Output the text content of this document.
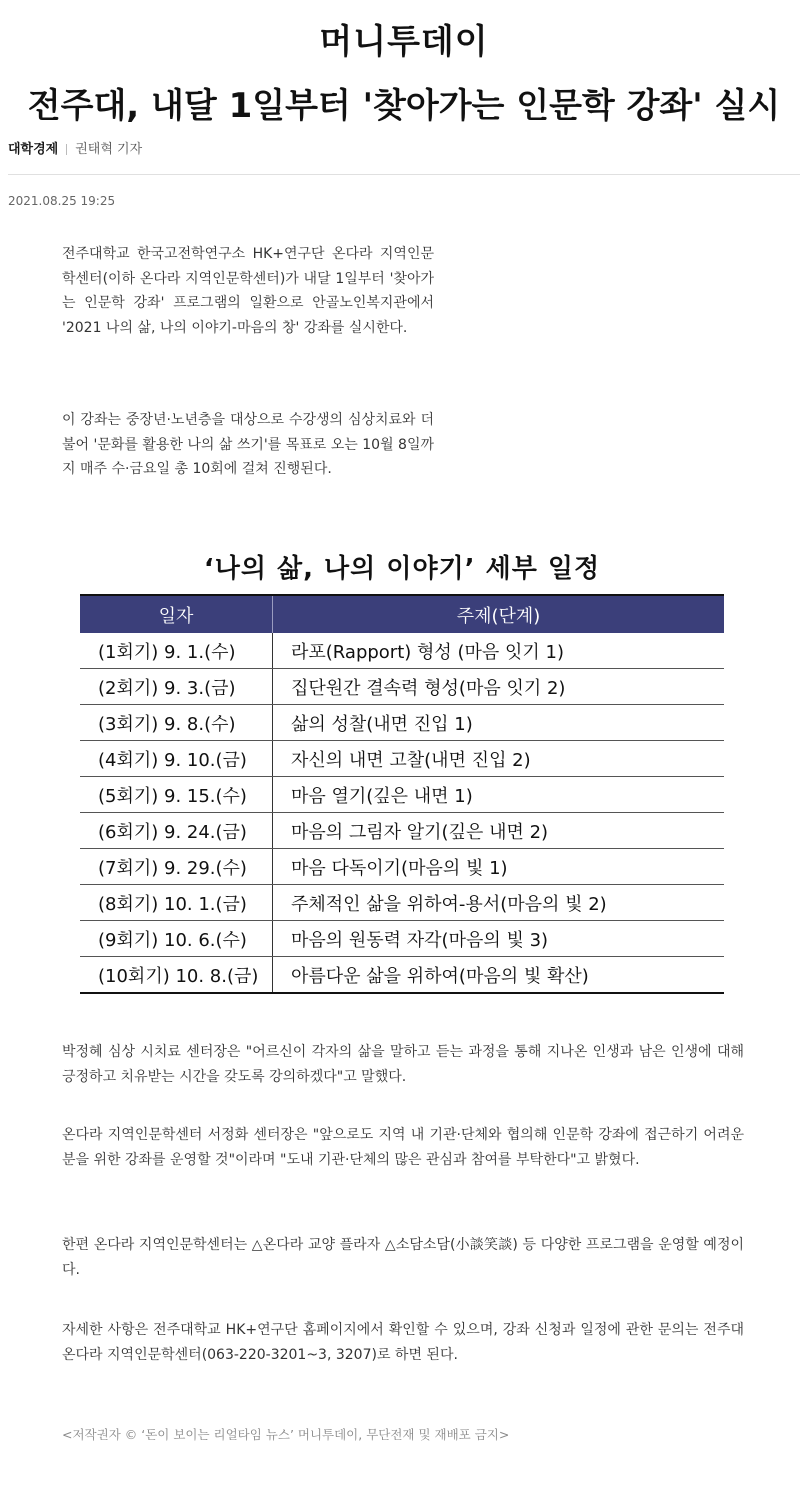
머니투데이
전주대, 내달 1일부터 '찾아가는 인문학 강좌' 실시
대학경제 권태혁 기자
2021.08.25 19:25

전주대학교 한국고전학연구소 HK+연구단 온다라 지역인문학센터(이하 온다라 지역인문학센터)가 내달 1일부터 '찾아가는 인문학 강좌' 프로그램의 일환으로 안골노인복지관에서 '2021 나의 삶, 나의 이야기-마음의 창' 강좌를 실시한다.

이 강좌는 중장년·노년층을 대상으로 수강생의 심상치료와 더불어 '문화를 활용한 나의 삶 쓰기'를 목표로 오는 10월 8일까지 매주 수·금요일 총 10회에 걸쳐 진행된다.

‘나의 삶, 나의 이야기’ 세부 일정
일자	주제(단계)
(1회기) 9. 1.(수)	라포(Rapport) 형성 (마음 잇기 1)
(2회기) 9. 3.(금)	집단원간 결속력 형성(마음 잇기 2)
(3회기) 9. 8.(수)	삶의 성찰(내면 진입 1)
(4회기) 9. 10.(금)	자신의 내면 고찰(내면 진입 2)
(5회기) 9. 15.(수)	마음 열기(깊은 내면 1)
(6회기) 9. 24.(금)	마음의 그림자 알기(깊은 내면 2)
(7회기) 9. 29.(수)	마음 다독이기(마음의 빛 1)
(8회기) 10. 1.(금)	주체적인 삶을 위하여-용서(마음의 빛 2)
(9회기) 10. 6.(수)	마음의 원동력 자각(마음의 빛 3)
(10회기) 10. 8.(금)	아름다운 삶을 위하여(마음의 빛 확산)

박정혜 심상 시치료 센터장은 "어르신이 각자의 삶을 말하고 듣는 과정을 통해 지나온 인생과 남은 인생에 대해 긍정하고 치유받는 시간을 갖도록 강의하겠다"고 말했다.

온다라 지역인문학센터 서정화 센터장은 "앞으로도 지역 내 기관·단체와 협의해 인문학 강좌에 접근하기 어려운 분을 위한 강좌를 운영할 것"이라며 "도내 기관·단체의 많은 관심과 참여를 부탁한다"고 밝혔다.

한편 온다라 지역인문학센터는 △온다라 교양 플라자 △소담소담(小談笑談) 등 다양한 프로그램을 운영할 예정이다.

자세한 사항은 전주대학교 HK+연구단 홈페이지에서 확인할 수 있으며, 강좌 신청과 일정에 관한 문의는 전주대 온다라 지역인문학센터(063-220-3201~3, 3207)로 하면 된다.

<저작권자 © ‘돈이 보이는 리얼타임 뉴스’ 머니투데이, 무단전재 및 재배포 금지>
